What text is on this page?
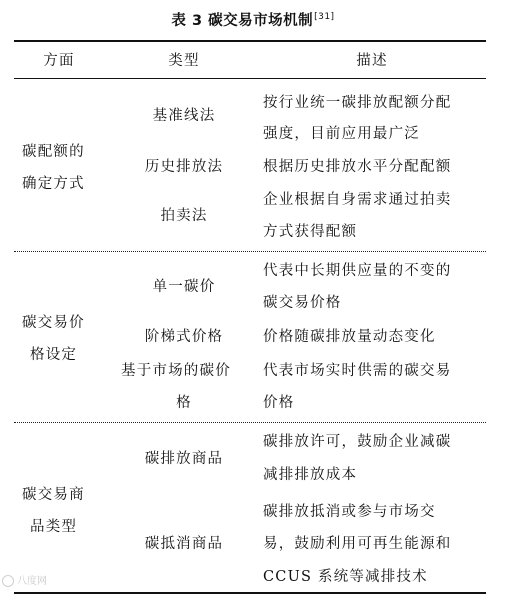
表 3 碳交易市场机制[31]
方面	类型	描述
碳配额的
确定方式
基准线法
历史排放法
拍卖法
按行业统一碳排放配额分配
强度，目前应用最广泛
根据历史排放水平分配配额
企业根据自身需求通过拍卖
方式获得配额
碳交易价
格设定
单一碳价
阶梯式价格
基于市场的碳价
格
代表中长期供应量的不变的
碳交易价格
价格随碳排放量动态变化
代表市场实时供需的碳交易
价格
碳交易商
品类型
碳排放商品
碳抵消商品
碳排放许可，鼓励企业减碳
减排排放成本
碳排放抵消或参与市场交
易，鼓励利用可再生能源和
CCUS 系统等减排技术
八度网
